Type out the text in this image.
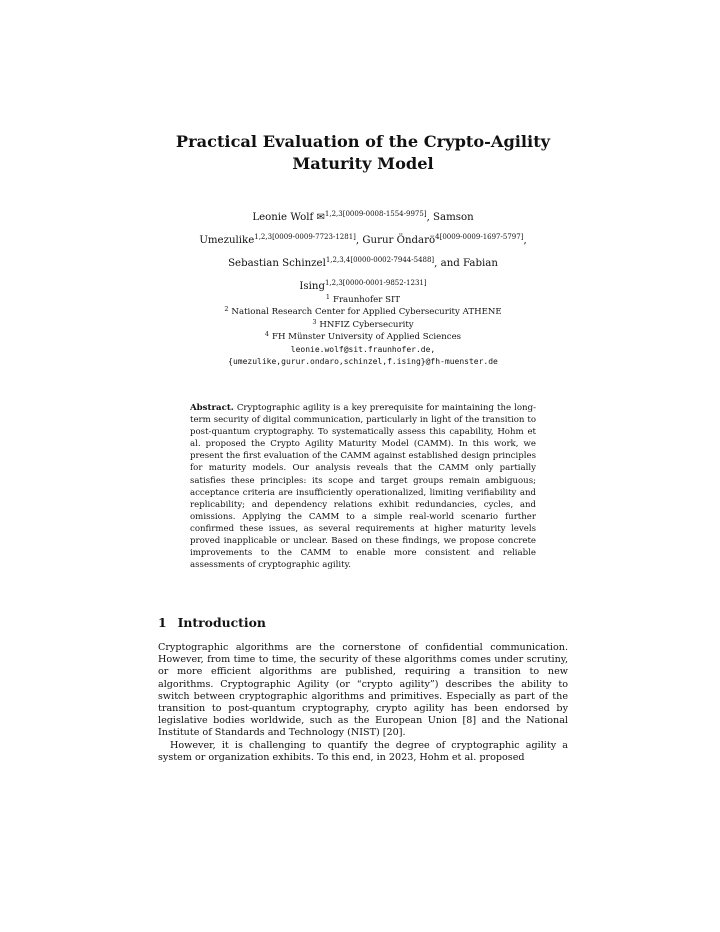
Practical Evaluation of the Crypto-Agility
Maturity Model
Leonie Wolf ✉$^{1,2,3[0009-0008-1554-9975]}$, Samson
Umezulike$^{1,2,3[0009-0009-7723-1281]}$, Gurur Öndarö$^{4[0009-0009-1697-5797]}$,
Sebastian Schinzel$^{1,2,3,4[0000-0002-7944-5488]}$, and Fabian
Ising$^{1,2,3[0000-0001-9852-1231]}$
$^1$ Fraunhofer SIT
$^2$ National Research Center for Applied Cybersecurity ATHENE
$^3$ HNFIZ Cybersecurity
$^4$ FH Münster University of Applied Sciences
leonie.wolf@sit.fraunhofer.de,
{umezulike,gurur.ondaro,schinzel,f.ising}@fh-muenster.de
Abstract. Cryptographic agility is a key prerequisite for maintaining the long-term security of digital communication, particularly in light of the transition to post-quantum cryptography. To systematically assess this capability, Hohm et al. proposed the Crypto Agility Maturity Model (CAMM). In this work, we present the first evaluation of the CAMM against established design principles for maturity models. Our analysis reveals that the CAMM only partially satisfies these principles: its scope and target groups remain ambiguous; acceptance criteria are insufficiently operationalized, limiting verifiability and replicability; and dependency relations exhibit redundancies, cycles, and omissions. Applying the CAMM to a simple real-world scenario further confirmed these issues, as several requirements at higher maturity levels proved inapplicable or unclear. Based on these findings, we propose concrete improvements to the CAMM to enable more consistent and reliable assessments of cryptographic agility.
1 Introduction

Cryptographic algorithms are the cornerstone of confidential communication. However, from time to time, the security of these algorithms comes under scrutiny, or more efficient algorithms are published, requiring a transition to new algorithms. Cryptographic Agility (or “crypto agility”) describes the ability to switch between cryptographic algorithms and primitives. Especially as part of the transition to post-quantum cryptography, crypto agility has been endorsed by legislative bodies worldwide, such as the European Union [8] and the National Institute of Standards and Technology (NIST) [20].

However, it is challenging to quantify the degree of cryptographic agility a system or organization exhibits. To this end, in 2023, Hohm et al. proposed
